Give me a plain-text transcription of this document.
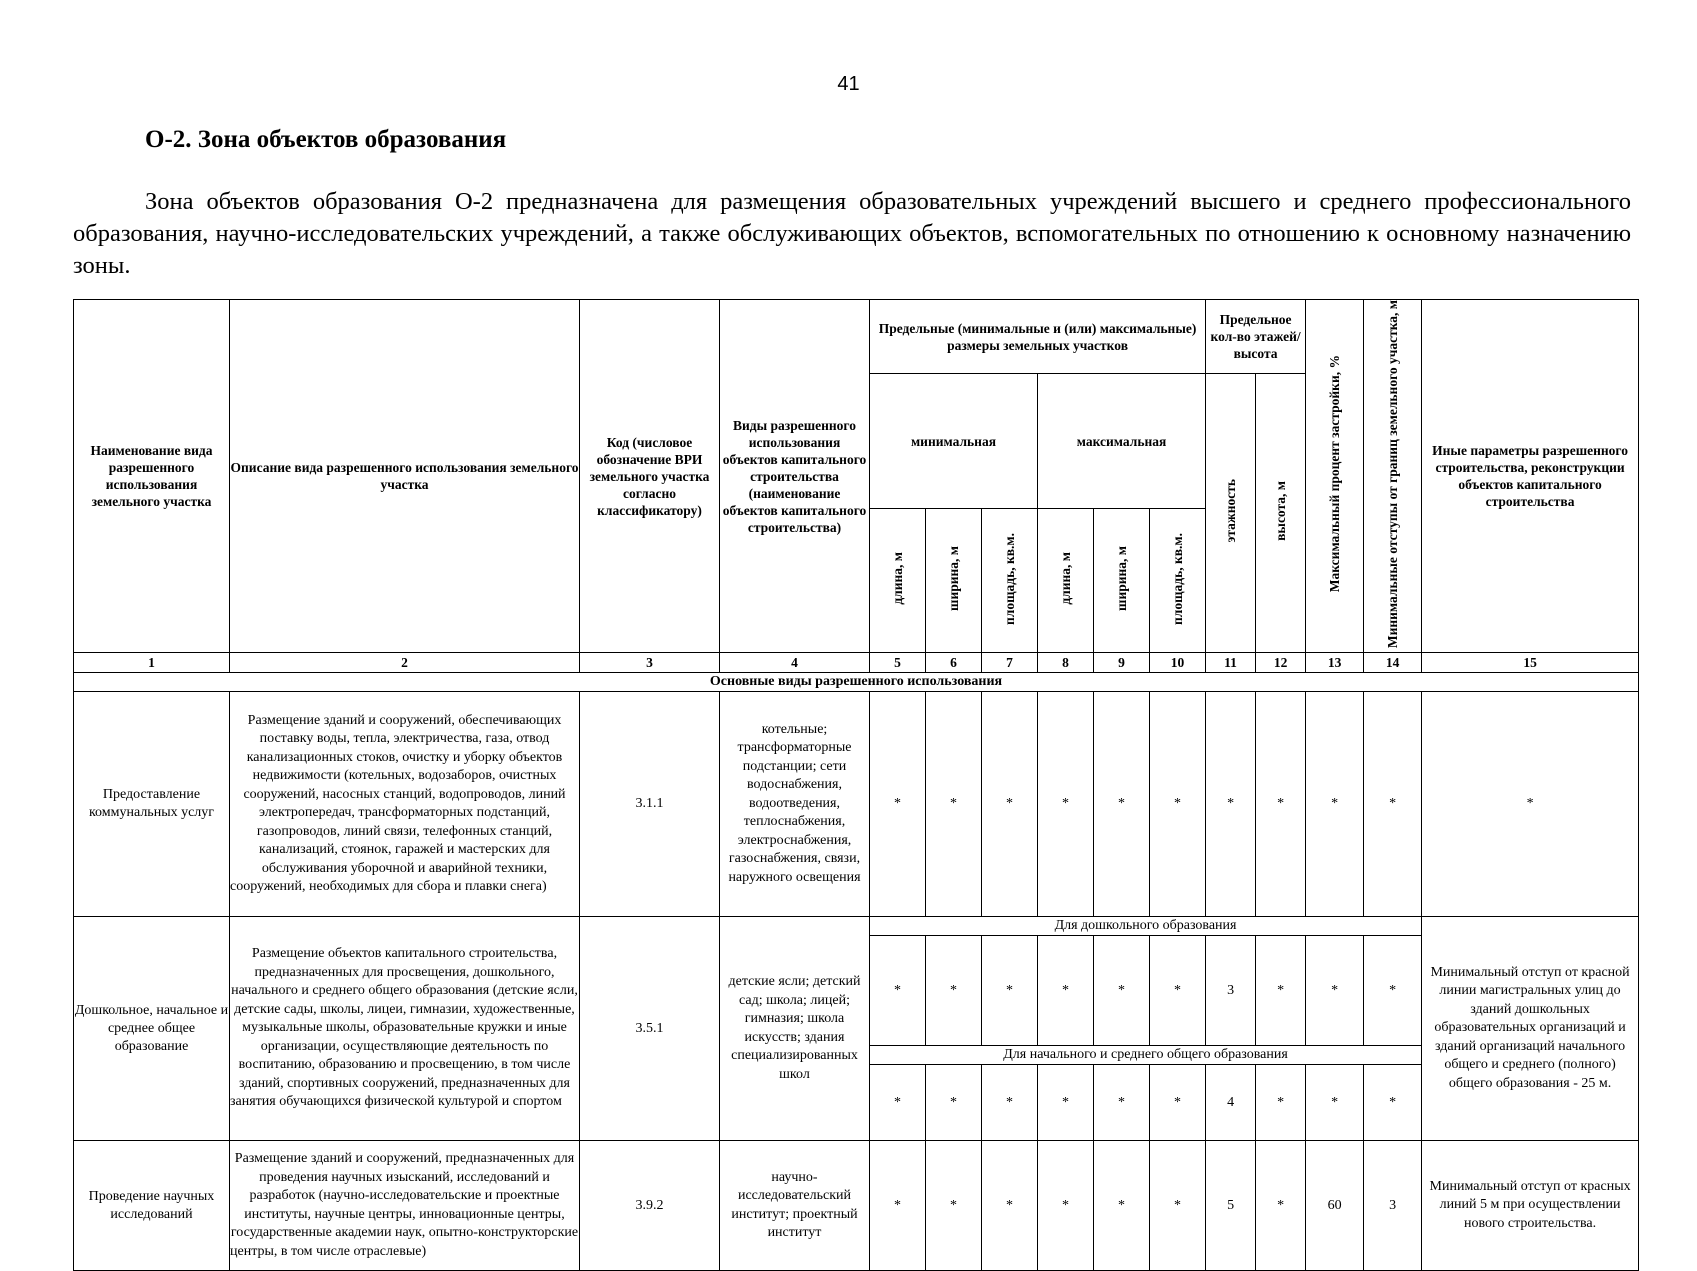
41
О-2. Зона объектов образования
Зона объектов образования О-2 предназначена для размещения образовательных учреждений высшего и среднего профессионального образования, научно-исследовательских учреждений, а также обслуживающих объектов, вспомогательных по отношению к основному назначению зоны.
Наименование вида разрешенного использования земельного участка	Описание вида разрешенного использования земельного участка	Код (числовое обозначение ВРИ земельного участка согласно классификатору)	Виды разрешенного использования объектов капитального строительства (наименование объектов капитального строительства)	Предельные (минимальные и (или) максимальные) размеры земельных участков						Предельное кол-во этажей/ высота		Максимальный процент застройки, %	Минимальные отступы от границ земельного участка, м	Иные параметры разрешенного строительства, реконструкции объектов капитального строительства
				минимальная			максимальная			этажность	высота, м			
				длина, м	ширина, м	площадь, кв.м.	длина, м	ширина, м	площадь, кв.м.					
1	2	3	4	5	6	7	8	9	10	11	12	13	14	15
Основные виды разрешенного использования														
Предоставление коммунальных услуг	Размещение зданий и сооружений, обеспечивающих поставку воды, тепла, электричества, газа, отвод канализационных стоков, очистку и уборку объектов недвижимости (котельных, водозаборов, очистных сооружений, насосных станций, водопроводов, линий электропередач, трансформаторных подстанций, газопроводов, линий связи, телефонных станций, канализаций, стоянок, гаражей и мастерских для обслуживания уборочной и аварийной техники, сооружений, необходимых для сбора и плавки снега)	3.1.1	котельные; трансформаторные подстанции; сети водоснабжения, водоотведения, теплоснабжения, электроснабжения, газоснабжения, связи, наружного освещения	*	*	*	*	*	*	*	*	*	*	*
Дошкольное, начальное и среднее общее образование	Размещение объектов капитального строительства, предназначенных для просвещения, дошкольного, начального и среднего общего образования (детские ясли, детские сады, школы, лицеи, гимназии, художественные, музыкальные школы, образовательные кружки и иные организации, осуществляющие деятельность по воспитанию, образованию и просвещению, в том числе зданий, спортивных сооружений, предназначенных для занятия обучающихся физической культурой и спортом	3.5.1	детские ясли; детский сад; школа; лицей; гимназия; школа искусств; здания специализированных школ	Для дошкольного образования										Минимальный отступ от красной линии магистральных улиц до зданий дошкольных образовательных организаций и зданий организаций начального общего и среднего (полного) общего образования - 25 м.
				*	*	*	*	*	*	3	*	*	*	
				Для начального и среднего общего образования										
				*	*	*	*	*	*	4	*	*	*	
Проведение научных исследований	Размещение зданий и сооружений, предназначенных для проведения научных изысканий, исследований и разработок (научно-исследовательские и проектные институты, научные центры, инновационные центры, государственные академии наук, опытно-конструкторские центры, в том числе отраслевые)	3.9.2	научно-исследовательский институт; проектный институт	*	*	*	*	*	*	5	*	60	3	Минимальный отступ от красных линий 5 м при осуществлении нового строительства.
